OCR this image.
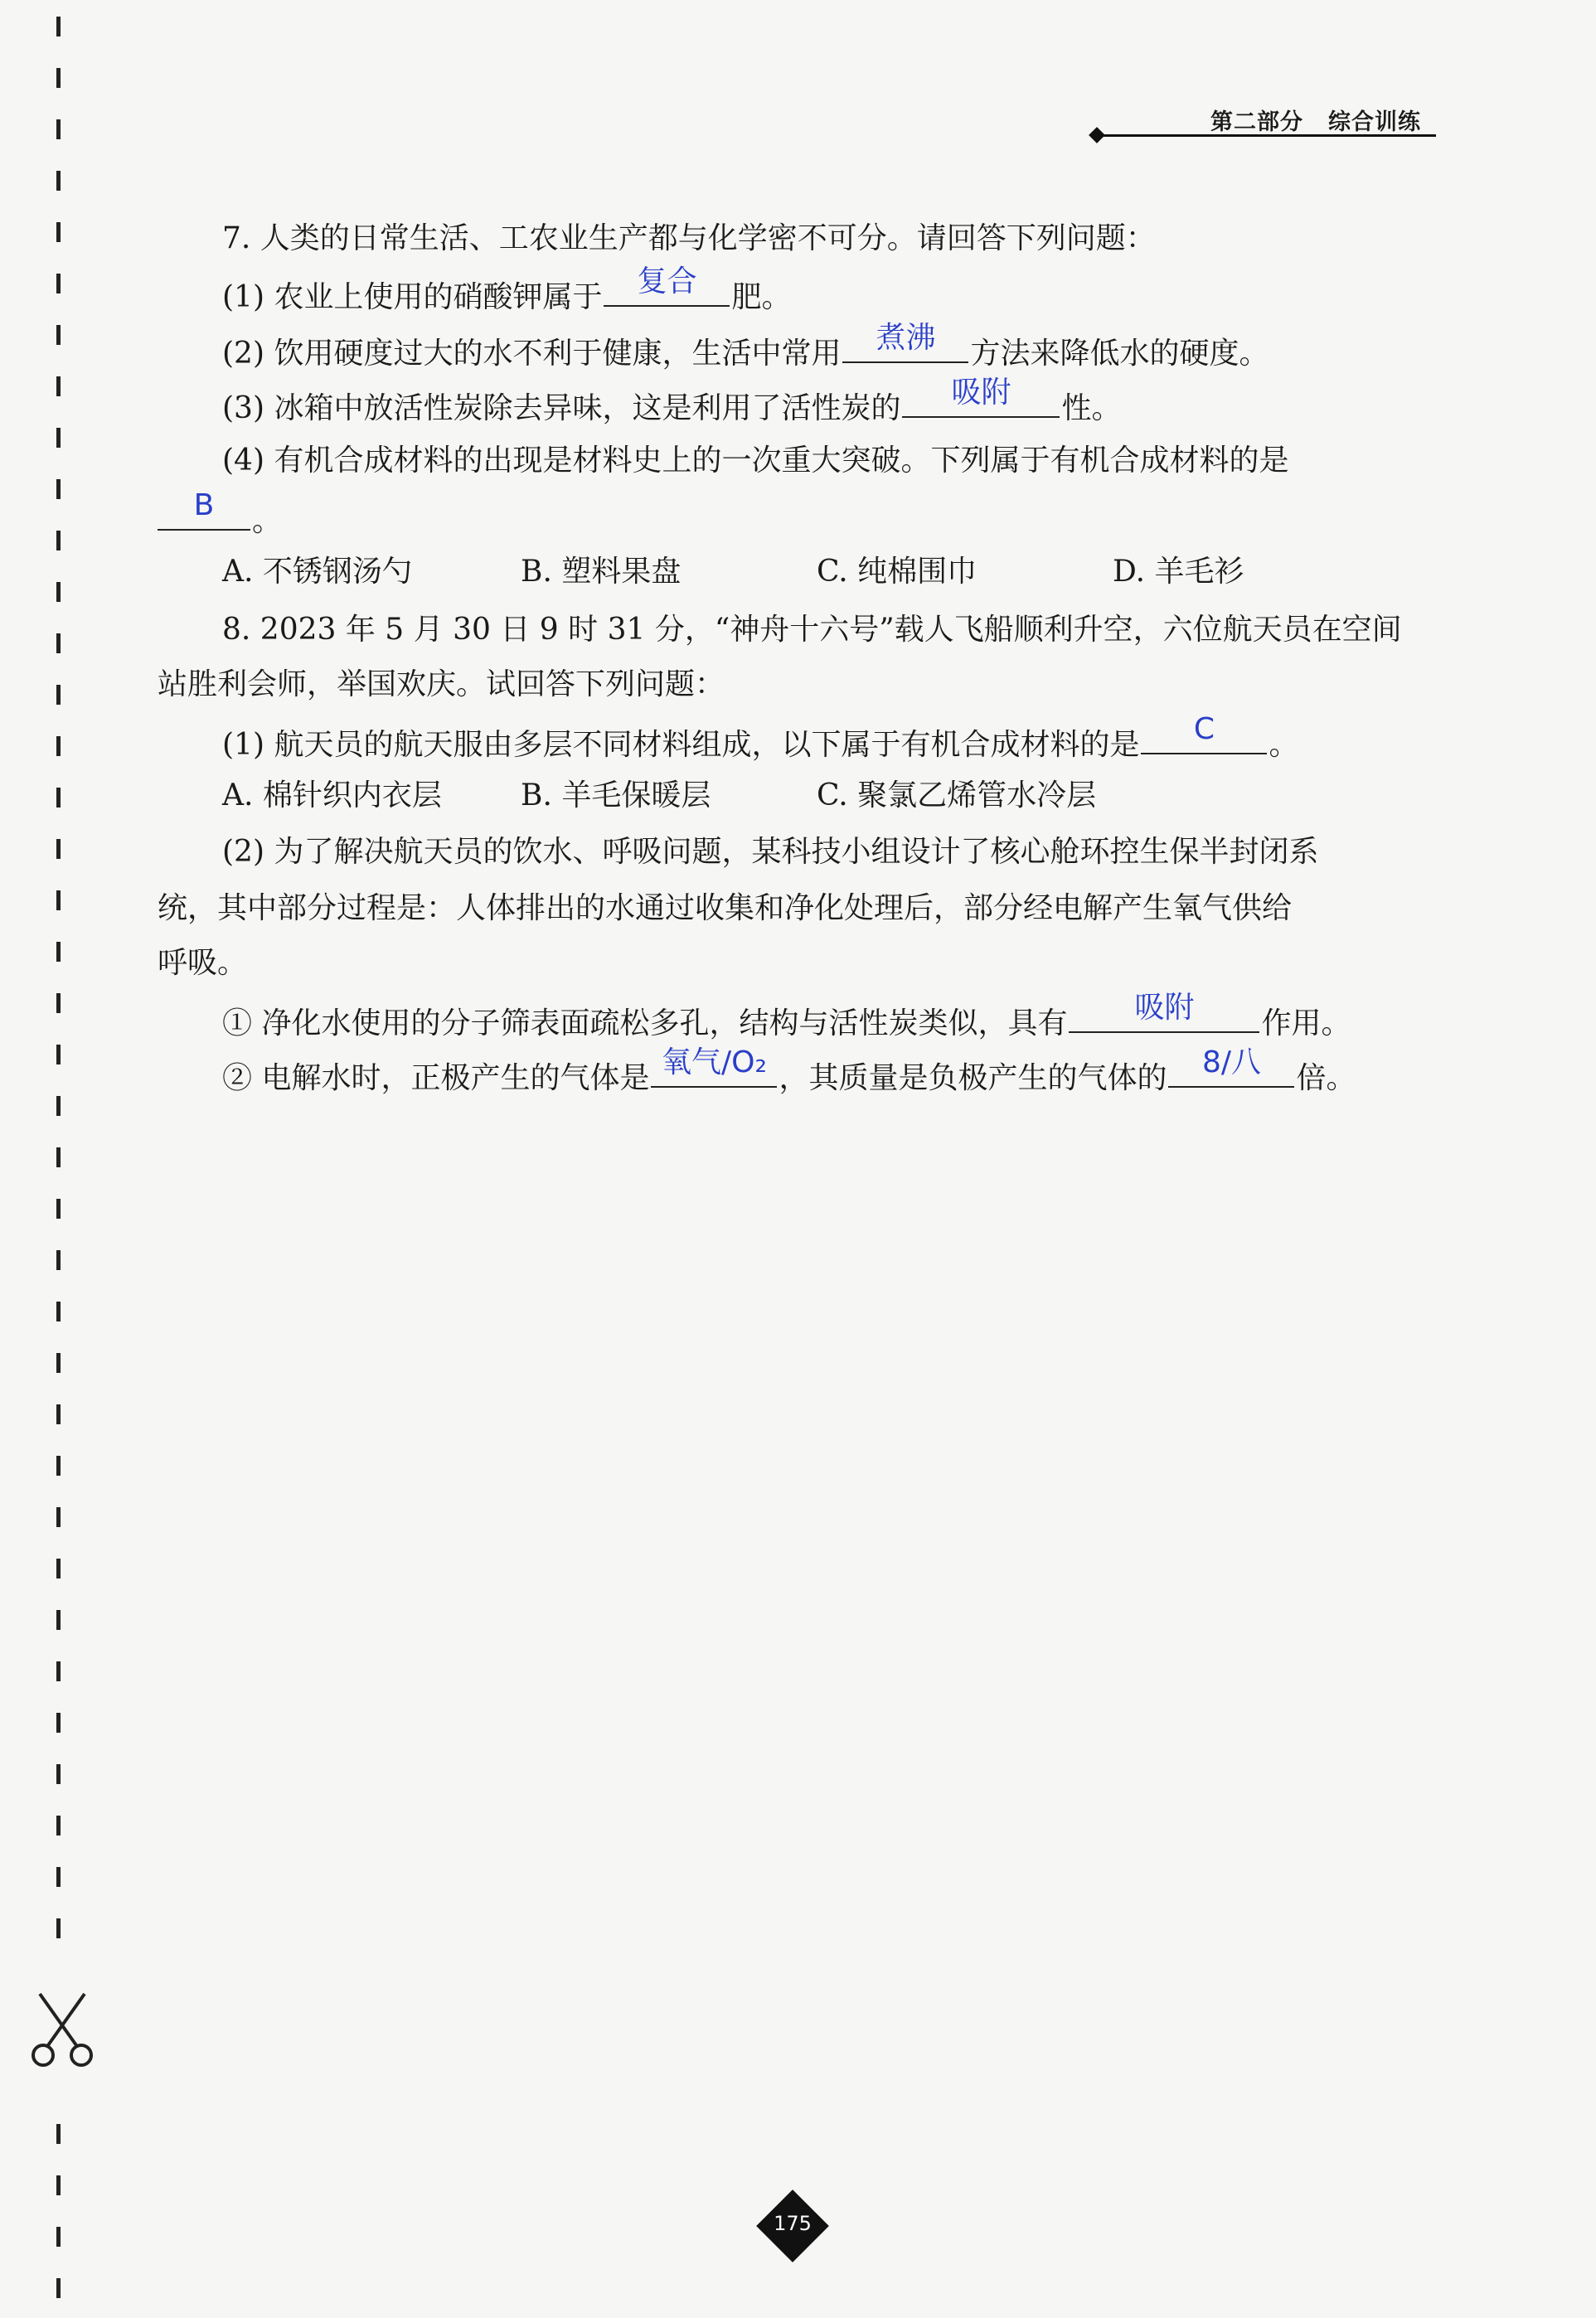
第二部分 综合训练
7. 人类的日常生活、工农业生产都与化学密不可分。请回答下列问题：
(1) 农业上使用的硝酸钾属于	复合	肥。
(2) 饮用硬度过大的水不利于健康，生活中常用	煮沸	方法来降低水的硬度。
(3) 冰箱中放活性炭除去异味，这是利用了活性炭的	吸附	性。
(4) 有机合成材料的出现是材料史上的一次重大突破。下列属于有机合成材料的是
B	。
A. 不锈钢汤勺	B. 塑料果盘	C. 纯棉围巾	D. 羊毛衫
8. 2023 年 5 月 30 日 9 时 31 分，“神舟十六号”载人飞船顺利升空，六位航天员在空间
站胜利会师，举国欢庆。试回答下列问题：
(1) 航天员的航天服由多层不同材料组成，以下属于有机合成材料的是	C	。
A. 棉针织内衣层	B. 羊毛保暖层	C. 聚氯乙烯管水冷层
(2) 为了解决航天员的饮水、呼吸问题，某科技小组设计了核心舱环控生保半封闭系
统，其中部分过程是：人体排出的水通过收集和净化处理后，部分经电解产生氧气供给
呼吸。
① 净化水使用的分子筛表面疏松多孔，结构与活性炭类似，具有	吸附	作用。
② 电解水时，正极产生的气体是 氧气/O₂ ，其质量是负极产生的气体的	8/八	倍。
175
